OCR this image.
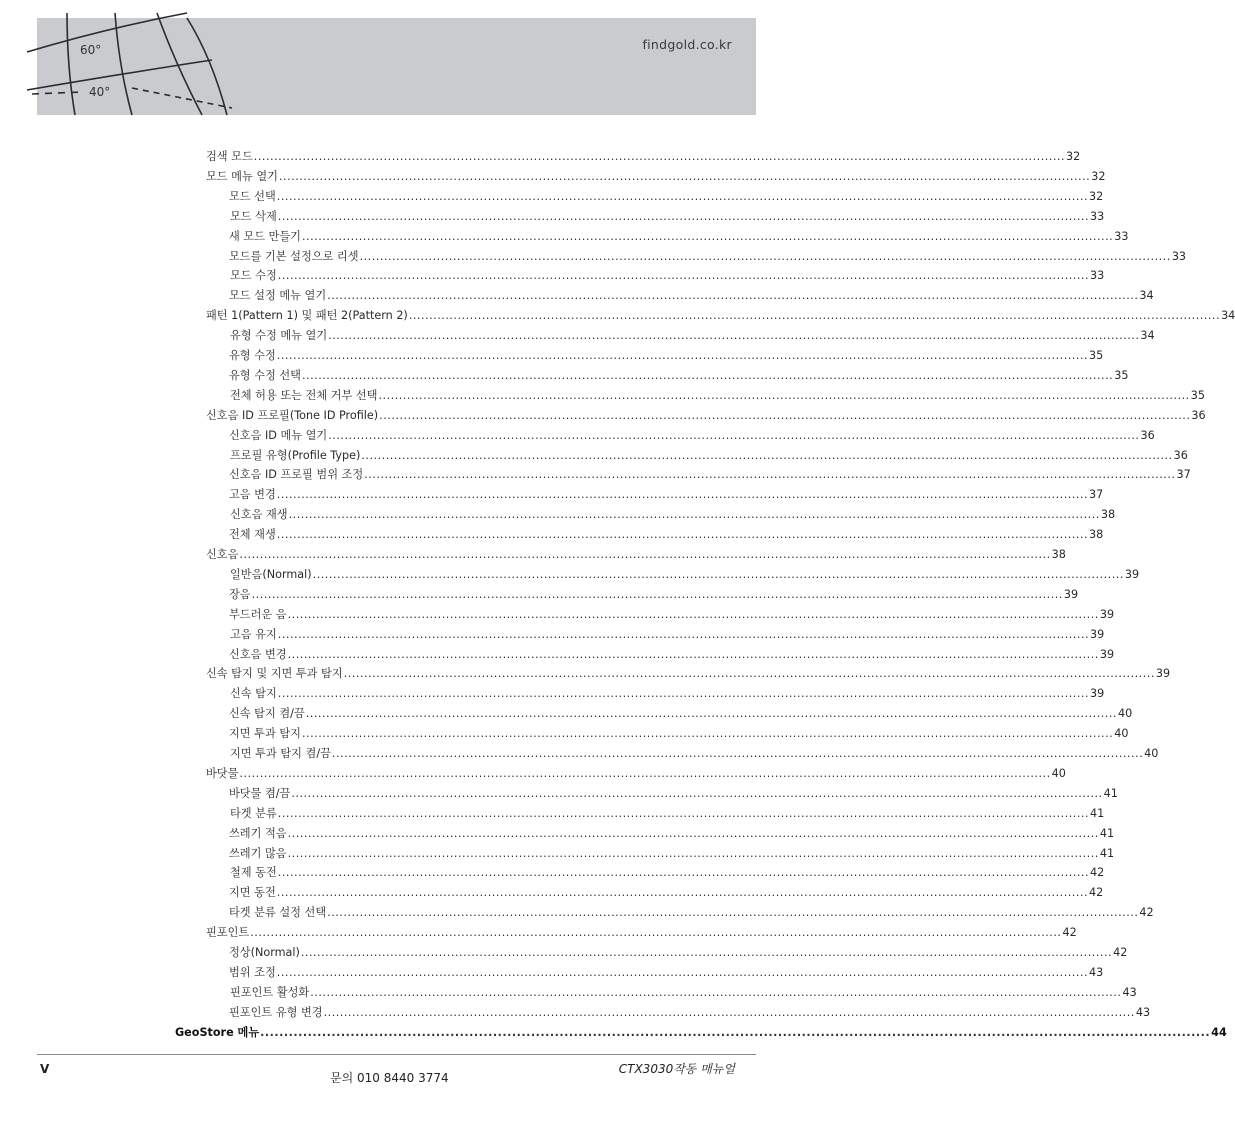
60°
40°
findgold.co.kr
검색 모드 ........................................................................................................................................................................................................ 32
모드 메뉴 열기 ........................................................................................................................................................................................................ 32
모드 선택 ........................................................................................................................................................................................................ 32
모드 삭제 ........................................................................................................................................................................................................ 33
새 모드 만들기 ........................................................................................................................................................................................................ 33
모드를 기본 설정으로 리셋 ........................................................................................................................................................................................................ 33
모드 수정 ........................................................................................................................................................................................................ 33
모드 설정 메뉴 열기 ........................................................................................................................................................................................................ 34
패턴 1(Pattern 1) 및 패턴 2(Pattern 2) ........................................................................................................................................................................................................ 34
유형 수정 메뉴 열기 ........................................................................................................................................................................................................ 34
유형 수정 ........................................................................................................................................................................................................ 35
유형 수정 선택 ........................................................................................................................................................................................................ 35
전체 허용 또는 전체 거부 선택 ........................................................................................................................................................................................................ 35
신호음 ID 프로필(Tone ID Profile) ........................................................................................................................................................................................................ 36
신호음 ID 메뉴 열기 ........................................................................................................................................................................................................ 36
프로필 유형(Profile Type) ........................................................................................................................................................................................................ 36
신호음 ID 프로필 범위 조정 ........................................................................................................................................................................................................ 37
고음 변경 ........................................................................................................................................................................................................ 37
신호음 재생 ........................................................................................................................................................................................................ 38
전체 재생 ........................................................................................................................................................................................................ 38
신호음 ........................................................................................................................................................................................................ 38
일반음(Normal) ........................................................................................................................................................................................................ 39
장음 ........................................................................................................................................................................................................ 39
부드러운 음 ........................................................................................................................................................................................................ 39
고음 유지 ........................................................................................................................................................................................................ 39
신호음 변경 ........................................................................................................................................................................................................ 39
신속 탐지 및 지면 투과 탐지 ........................................................................................................................................................................................................ 39
신속 탐지 ........................................................................................................................................................................................................ 39
신속 탐지 켬/끔 ........................................................................................................................................................................................................ 40
지면 투과 탐지 ........................................................................................................................................................................................................ 40
지면 투과 탐지 켬/끔 ........................................................................................................................................................................................................ 40
바닷물 ........................................................................................................................................................................................................ 40
바닷물 켬/끔 ........................................................................................................................................................................................................ 41
타겟 분류 ........................................................................................................................................................................................................ 41
쓰레기 적음 ........................................................................................................................................................................................................ 41
쓰레기 많음 ........................................................................................................................................................................................................ 41
철제 동전 ........................................................................................................................................................................................................ 42
지면 동전 ........................................................................................................................................................................................................ 42
타겟 분류 설정 선택 ........................................................................................................................................................................................................ 42
핀포인트 ........................................................................................................................................................................................................ 42
정상(Normal) ........................................................................................................................................................................................................ 42
범위 조정 ........................................................................................................................................................................................................ 43
핀포인트 활성화 ........................................................................................................................................................................................................ 43
핀포인트 유형 변경 ........................................................................................................................................................................................................ 43
GeoStore 메뉴 ........................................................................................................................................................................................................ 44
V
문의 010 8440 3774
CTX3030작동 매뉴얼
